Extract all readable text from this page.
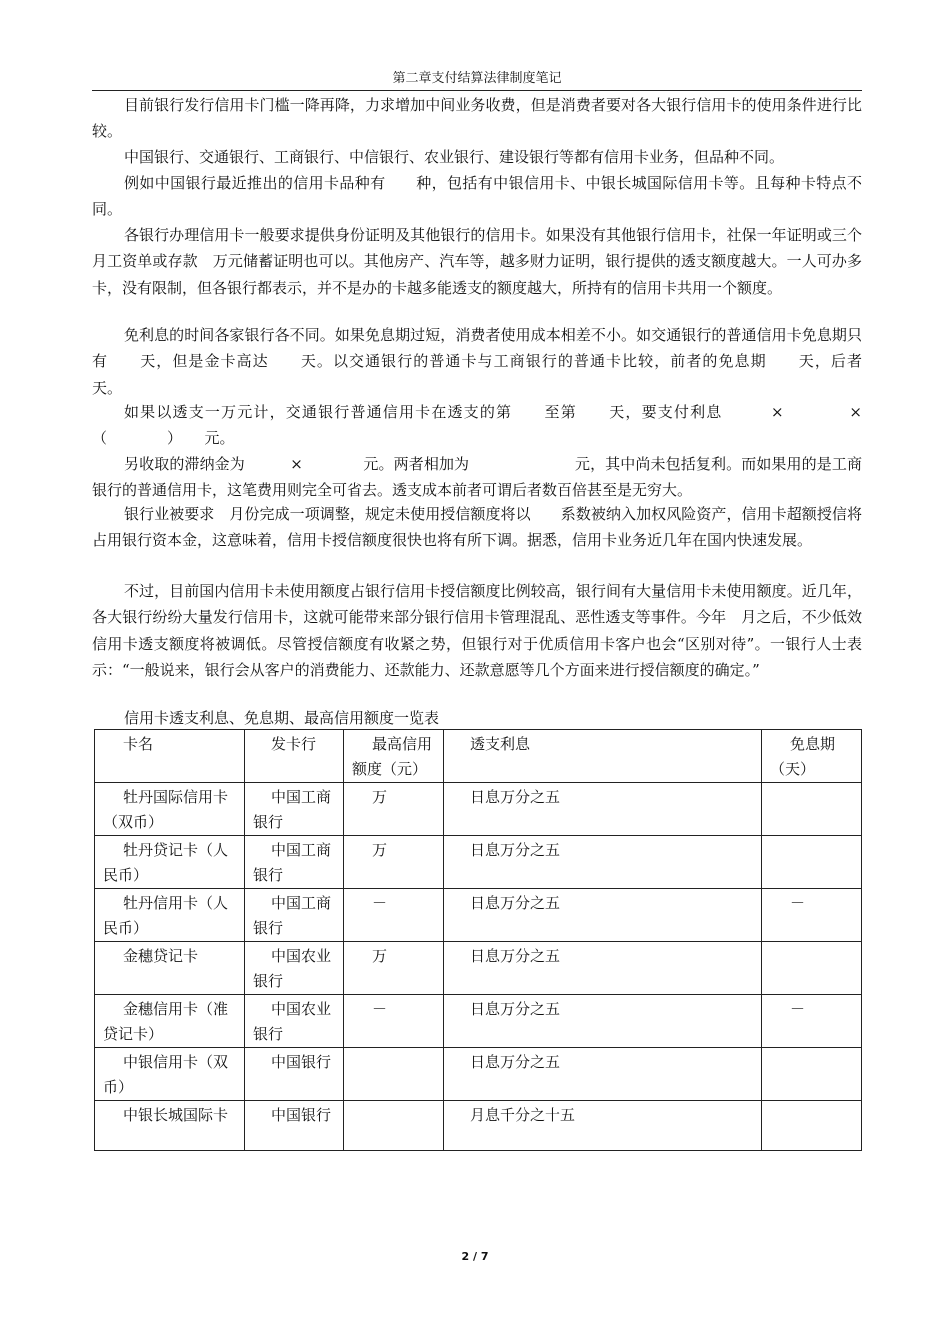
第二章支付结算法律制度笔记

目前银行发行信用卡门槛一降再降，力求增加中间业务收费，但是消费者要对各大银行信用卡的使用条件进行比较。

中国银行、交通银行、工商银行、中信银行、农业银行、建设银行等都有信用卡业务，但品种不同。

例如中国银行最近推出的信用卡品种有　　种，包括有中银信用卡、中银长城国际信用卡等。且每种卡特点不同。

各银行办理信用卡一般要求提供身份证明及其他银行的信用卡。如果没有其他银行信用卡，社保一年证明或三个月工资单或存款　万元储蓄证明也可以。其他房产、汽车等，越多财力证明，银行提供的透支额度越大。一人可办多卡，没有限制，但各银行都表示，并不是办的卡越多能透支的额度越大，所持有的信用卡共用一个额度。

免利息的时间各家银行各不同。如果免息期过短，消费者使用成本相差不小。如交通银行的普通信用卡免息期只有　　天，但是金卡高达　　天。以交通银行的普通卡与工商银行的普通卡比较，前者的免息期　　天，后者　　天。

如果以透支一万元计，交通银行普通信用卡在透支的第　　至第　　天，要支付利息　　　×　　　　×（　　　　）　　元。

另收取的滞纳金为　　　×　　　　元。两者相加为　　　　　　　元，其中尚未包括复利。而如果用的是工商银行的普通信用卡，这笔费用则完全可省去。透支成本前者可谓后者数百倍甚至是无穷大。

银行业被要求　月份完成一项调整，规定未使用授信额度将以　　系数被纳入加权风险资产，信用卡超额授信将占用银行资本金，这意味着，信用卡授信额度很快也将有所下调。据悉，信用卡业务近几年在国内快速发展。

不过，目前国内信用卡未使用额度占银行信用卡授信额度比例较高，银行间有大量信用卡未使用额度。近几年，各大银行纷纷大量发行信用卡，这就可能带来部分银行信用卡管理混乱、恶性透支等事件。今年　月之后，不少低效信用卡透支额度将被调低。尽管授信额度有收紧之势，但银行对于优质信用卡客户也会“区别对待”。一银行人士表示：“一般说来，银行会从客户的消费能力、还款能力、还款意愿等几个方面来进行授信额度的确定。”

信用卡透支利息、免息期、最高信用额度一览表
卡名	发卡行	最高信用额度（元）	透支利息	免息期（天）
牡丹国际信用卡（双币）	中国工商银行	万	日息万分之五	
牡丹贷记卡（人民币）	中国工商银行	万	日息万分之五	
牡丹信用卡（人民币）	中国工商银行	－	日息万分之五	－
金穗贷记卡	中国农业银行	万	日息万分之五	
金穗信用卡（准贷记卡）	中国农业银行	－	日息万分之五	－
中银信用卡（双币）	中国银行		日息万分之五	
中银长城国际卡	中国银行		月息千分之十五	
2 / 7
